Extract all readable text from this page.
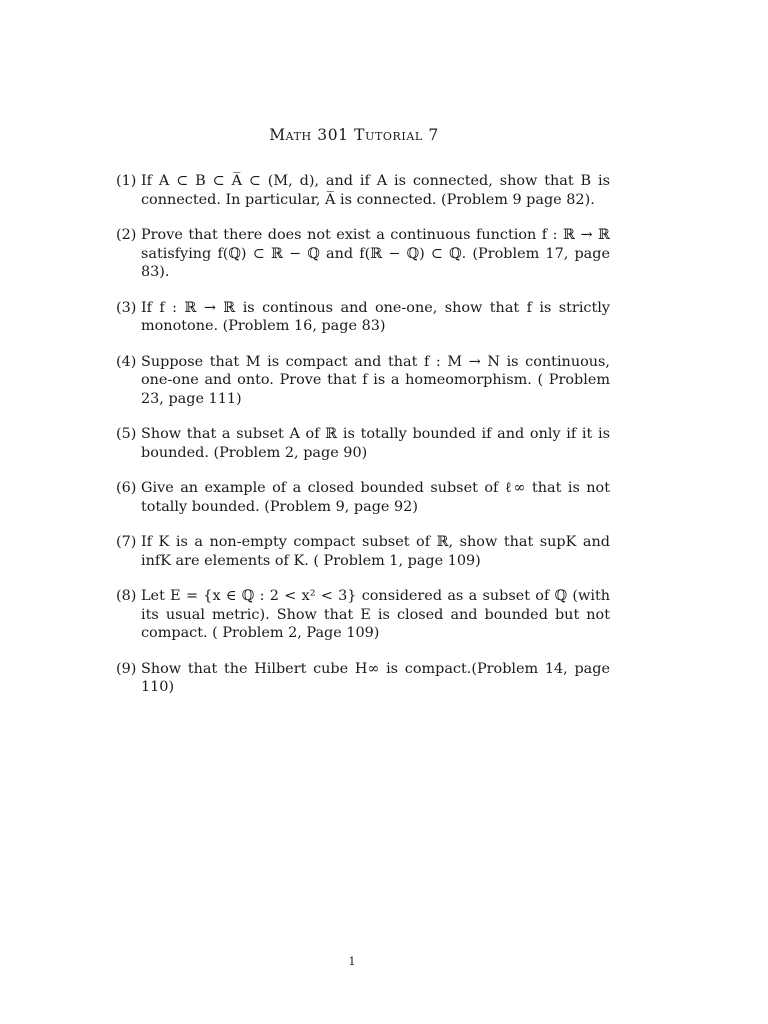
Math 301 Tutorial 7
(1) If A ⊂ B ⊂ A̅ ⊂ (M, d), and if A is connected, show that B is connected. In particular, A̅ is connected. (Problem 9 page 82).
(2) Prove that there does not exist a continuous function f : ℝ → ℝ satisfying f(ℚ) ⊂ ℝ − ℚ and f(ℝ − ℚ) ⊂ ℚ. (Problem 17, page 83).
(3) If f : ℝ → ℝ is continous and one-one, show that f is strictly monotone. (Problem 16, page 83)
(4) Suppose that M is compact and that f : M → N is continuous, one-one and onto. Prove that f is a homeomorphism. ( Problem 23, page 111)
(5) Show that a subset A of ℝ is totally bounded if and only if it is bounded. (Problem 2, page 90)
(6) Give an example of a closed bounded subset of ℓ∞ that is not totally bounded. (Problem 9, page 92)
(7) If K is a non-empty compact subset of ℝ, show that supK and infK are elements of K. ( Problem 1, page 109)
(8) Let E = {x ∈ ℚ : 2 < x² < 3} considered as a subset of ℚ (with its usual metric). Show that E is closed and bounded but not compact. ( Problem 2, Page 109)
(9) Show that the Hilbert cube H∞ is compact.(Problem 14, page 110)
1
